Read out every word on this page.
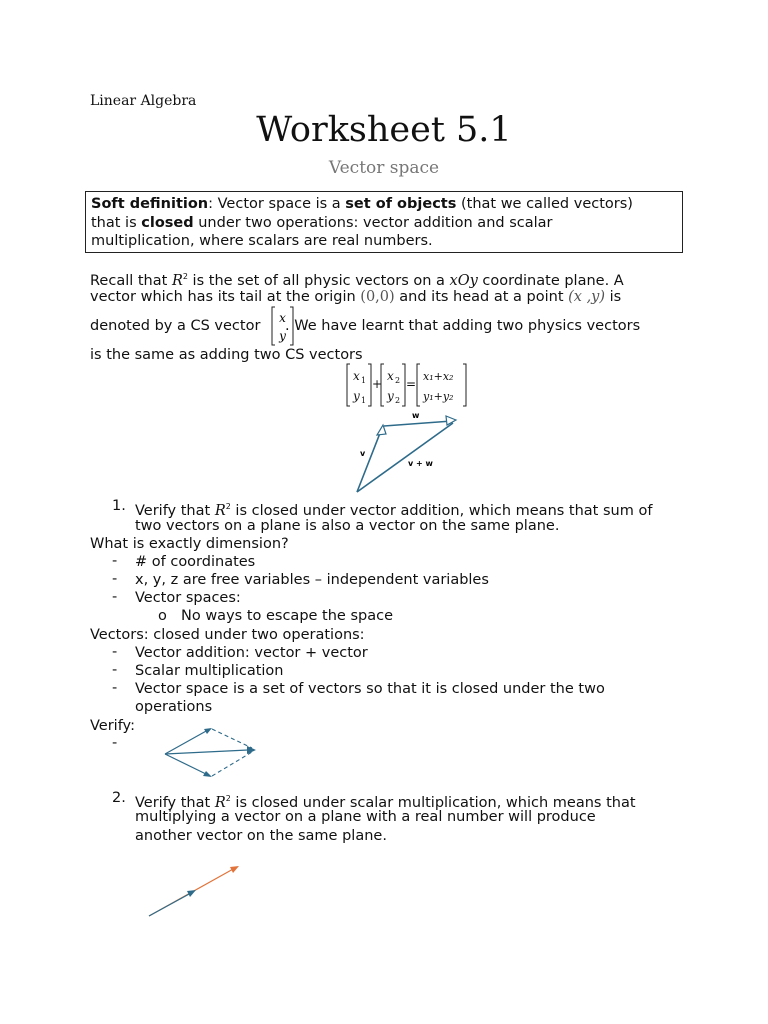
Linear Algebra
Worksheet 5.1
Vector space
Soft definition: Vector space is a set of objects (that we called vectors)
that is closed under two operations: vector addition and scalar
multiplication, where scalars are real numbers.
Recall that $R^2$ is the set of all physic vectors on a xOy coordinate plane. A
vector which has its tail at the origin (0,0) and its head at a point (x ,y) is
denoted by a CS vector . We have learnt that adding two physics vectors
x
y
is the same as adding two CS vectors
x 1
y 1
+
x 2
y 2
=
x₁+x₂
y₁+y₂
w
v
v + w
1. Verify that $R^2$ is closed under vector addition, which means that sum of
two vectors on a plane is also a vector on the same plane.
What is exactly dimension?
- # of coordinates
- x, y, z are free variables – independent variables
- Vector spaces:
o No ways to escape the space
Vectors: closed under two operations:
- Vector addition: vector + vector
- Scalar multiplication
- Vector space is a set of vectors so that it is closed under the two
operations
Verify:
-
2. Verify that $R^2$ is closed under scalar multiplication, which means that
multiplying a vector on a plane with a real number will produce
another vector on the same plane.
